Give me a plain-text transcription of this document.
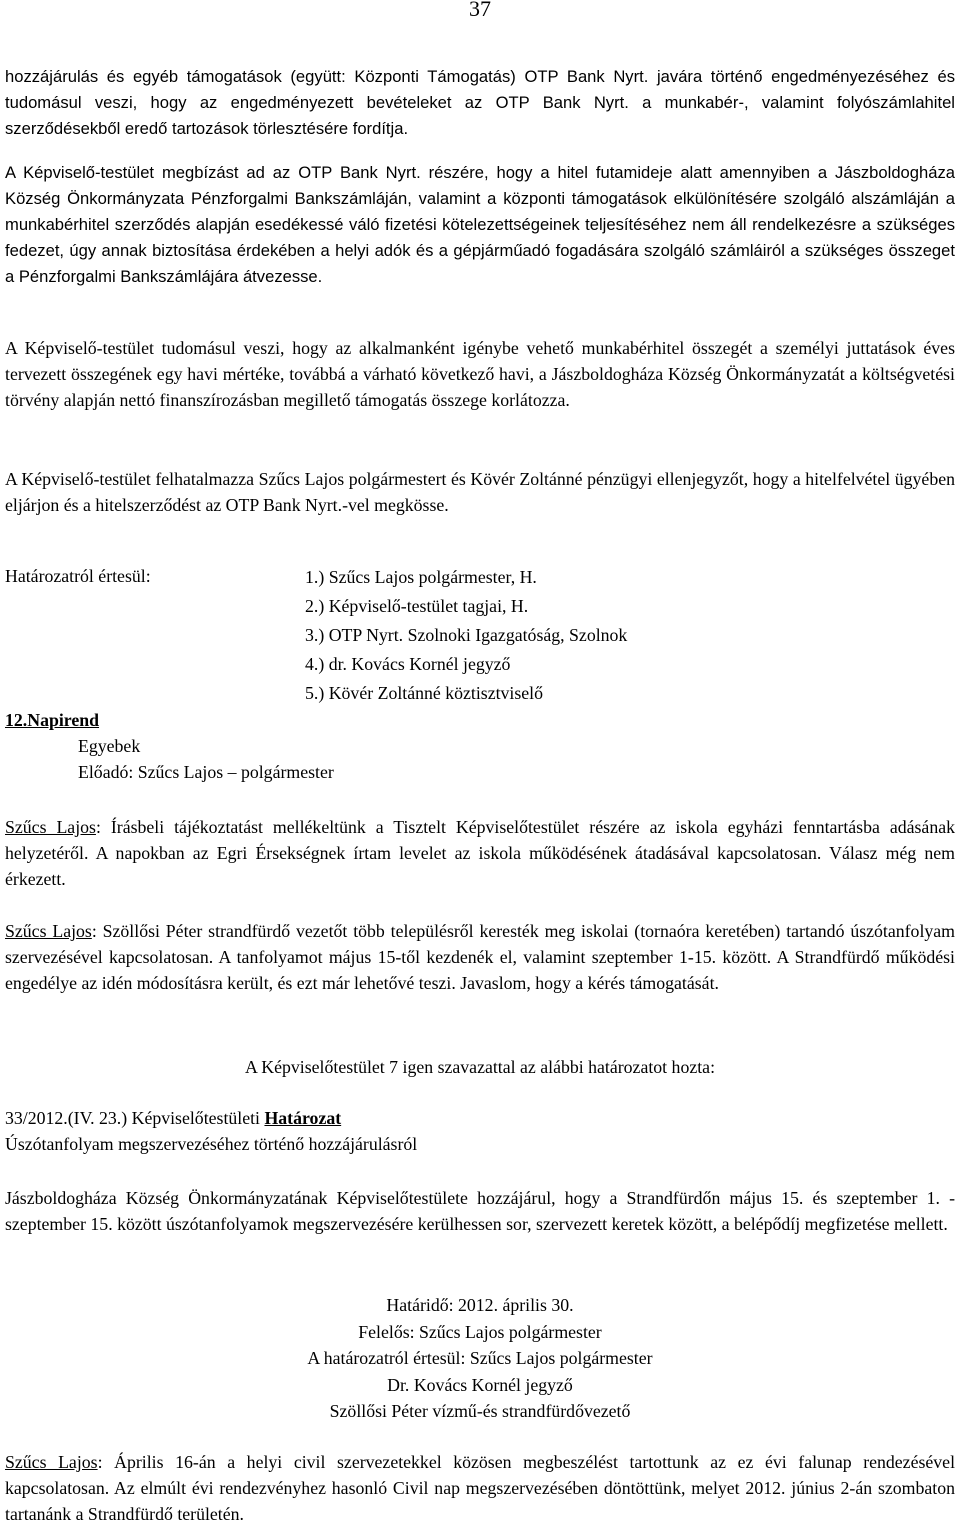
37

hozzájárulás és egyéb támogatások (együtt: Központi Támogatás) OTP Bank Nyrt. javára történő engedményezéséhez és tudomásul veszi, hogy az engedményezett bevételeket az OTP Bank Nyrt. a munkabér-, valamint folyószámlahitel szerződésekből eredő tartozások törlesztésére fordítja.

A Képviselő-testület megbízást ad az OTP Bank Nyrt. részére, hogy a hitel futamideje alatt amennyiben a Jászboldogháza Község Önkormányzata Pénzforgalmi Bankszámláján, valamint a központi támogatások elkülönítésére szolgáló alszámláján a munkabérhitel szerződés alapján esedékessé váló fizetési kötelezettségeinek teljesítéséhez nem áll rendelkezésre a szükséges fedezet, úgy annak biztosítása érdekében a helyi adók és a gépjárműadó fogadására szolgáló számláiról a szükséges összeget a Pénzforgalmi Bankszámlájára átvezesse.

A Képviselő-testület tudomásul veszi, hogy az alkalmanként igénybe vehető munkabérhitel összegét a személyi juttatások éves tervezett összegének egy havi mértéke, továbbá a várható következő havi, a Jászboldogháza Község Önkormányzatát a költségvetési törvény alapján nettó finanszírozásban megillető támogatás összege korlátozza.

A Képviselő-testület felhatalmazza Szűcs Lajos polgármestert és Kövér Zoltánné pénzügyi ellenjegyzőt, hogy a hitelfelvétel ügyében eljárjon és a hitelszerződést az OTP Bank Nyrt.-vel megkösse.

Határozatról értesül:	1.) Szűcs Lajos polgármester, H.
2.) Képviselő-testület tagjai, H.
3.) OTP Nyrt. Szolnoki Igazgatóság, Szolnok
4.) dr. Kovács Kornél jegyző
5.) Kövér Zoltánné köztisztviselő
12.Napirend
Egyebek
Előadó: Szűcs Lajos – polgármester

Szűcs Lajos: Írásbeli tájékoztatást mellékeltünk a Tisztelt Képviselőtestület részére az iskola egyházi fenntartásba adásának helyzetéről. A napokban az Egri Érsekségnek írtam levelet az iskola működésének átadásával kapcsolatosan. Válasz még nem érkezett.

Szűcs Lajos: Szöllősi Péter strandfürdő vezetőt több településről keresték meg iskolai (tornaóra keretében) tartandó úszótanfolyam szervezésével kapcsolatosan. A tanfolyamot május 15-től kezdenék el, valamint szeptember 1-15. között. A Strandfürdő működési engedélye az idén módosításra került, és ezt már lehetővé teszi. Javaslom, hogy a kérés támogatását.

A Képviselőtestület 7 igen szavazattal az alábbi határozatot hozta:
33/2012.(IV. 23.) Képviselőtestületi Határozat
Úszótanfolyam megszervezéséhez történő hozzájárulásról

Jászboldogháza Község Önkormányzatának Képviselőtestülete hozzájárul, hogy a Strandfürdőn május 15. és szeptember 1. - szeptember 15. között úszótanfolyamok megszervezésére kerülhessen sor, szervezett keretek között, a belépődíj megfizetése mellett.

Határidő: 2012. április 30.
Felelős: Szűcs Lajos polgármester
A határozatról értesül: Szűcs Lajos polgármester
Dr. Kovács Kornél jegyző
Szöllősi Péter vízmű-és strandfürdővezető

Szűcs Lajos: Április 16-án a helyi civil szervezetekkel közösen megbeszélést tartottunk az ez évi falunap rendezésével kapcsolatosan. Az elmúlt évi rendezvényhez hasonló Civil nap megszervezésében döntöttünk, melyet 2012. június 2-án szombaton tartanánk a Strandfürdő területén.
